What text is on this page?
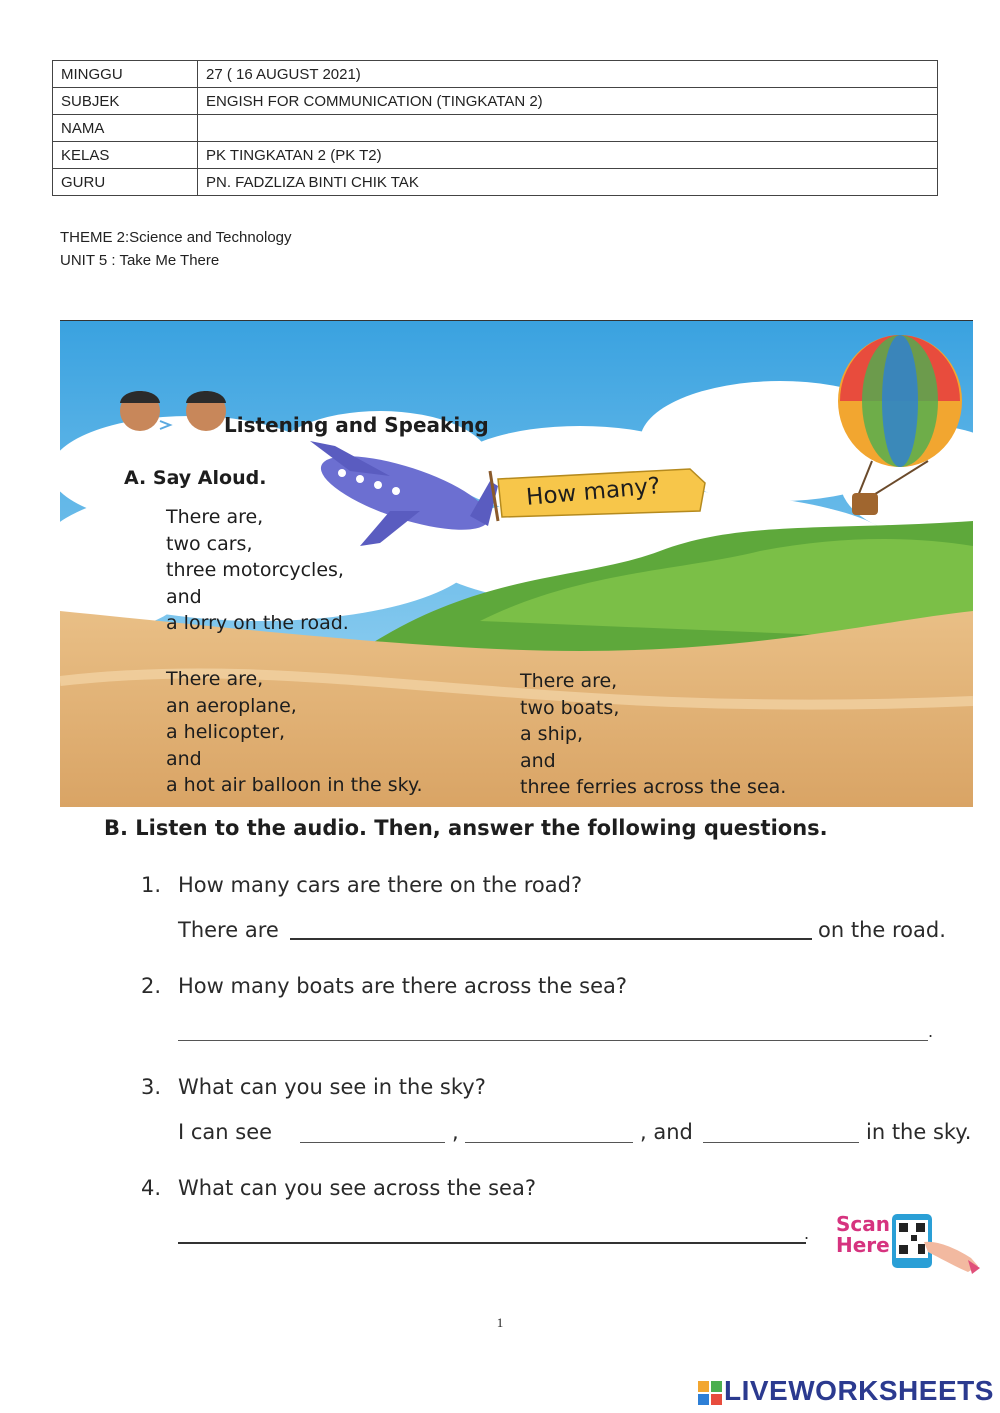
MINGGU	27 ( 16 AUGUST 2021)
SUBJEK	ENGISH FOR COMMUNICATION (TINGKATAN 2)
NAMA	
KELAS	PK TINGKATAN 2 (PK T2)
GURU	PN. FADZLIZA BINTI CHIK TAK
THEME 2:Science and Technology
UNIT 5 : Take Me There
Listening and Speaking
A. Say Aloud.	How many?
There are,
two cars,
three motorcycles,
and
a lorry on the road.
There are,
an aeroplane,
a helicopter,
and
a hot air balloon in the sky.
There are,
two boats,
a ship,
and
three ferries across the sea.
B. Listen to the audio. Then, answer the following questions.
1. How many cars are there on the road?
There are	on the road.
2. How many boats are there across the sea?
.
3. What can you see in the sky?
I can see	,	, and	in the sky.
4. What can you see across the sea?
. Scan
Here
1
LIVEWORKSHEETS
